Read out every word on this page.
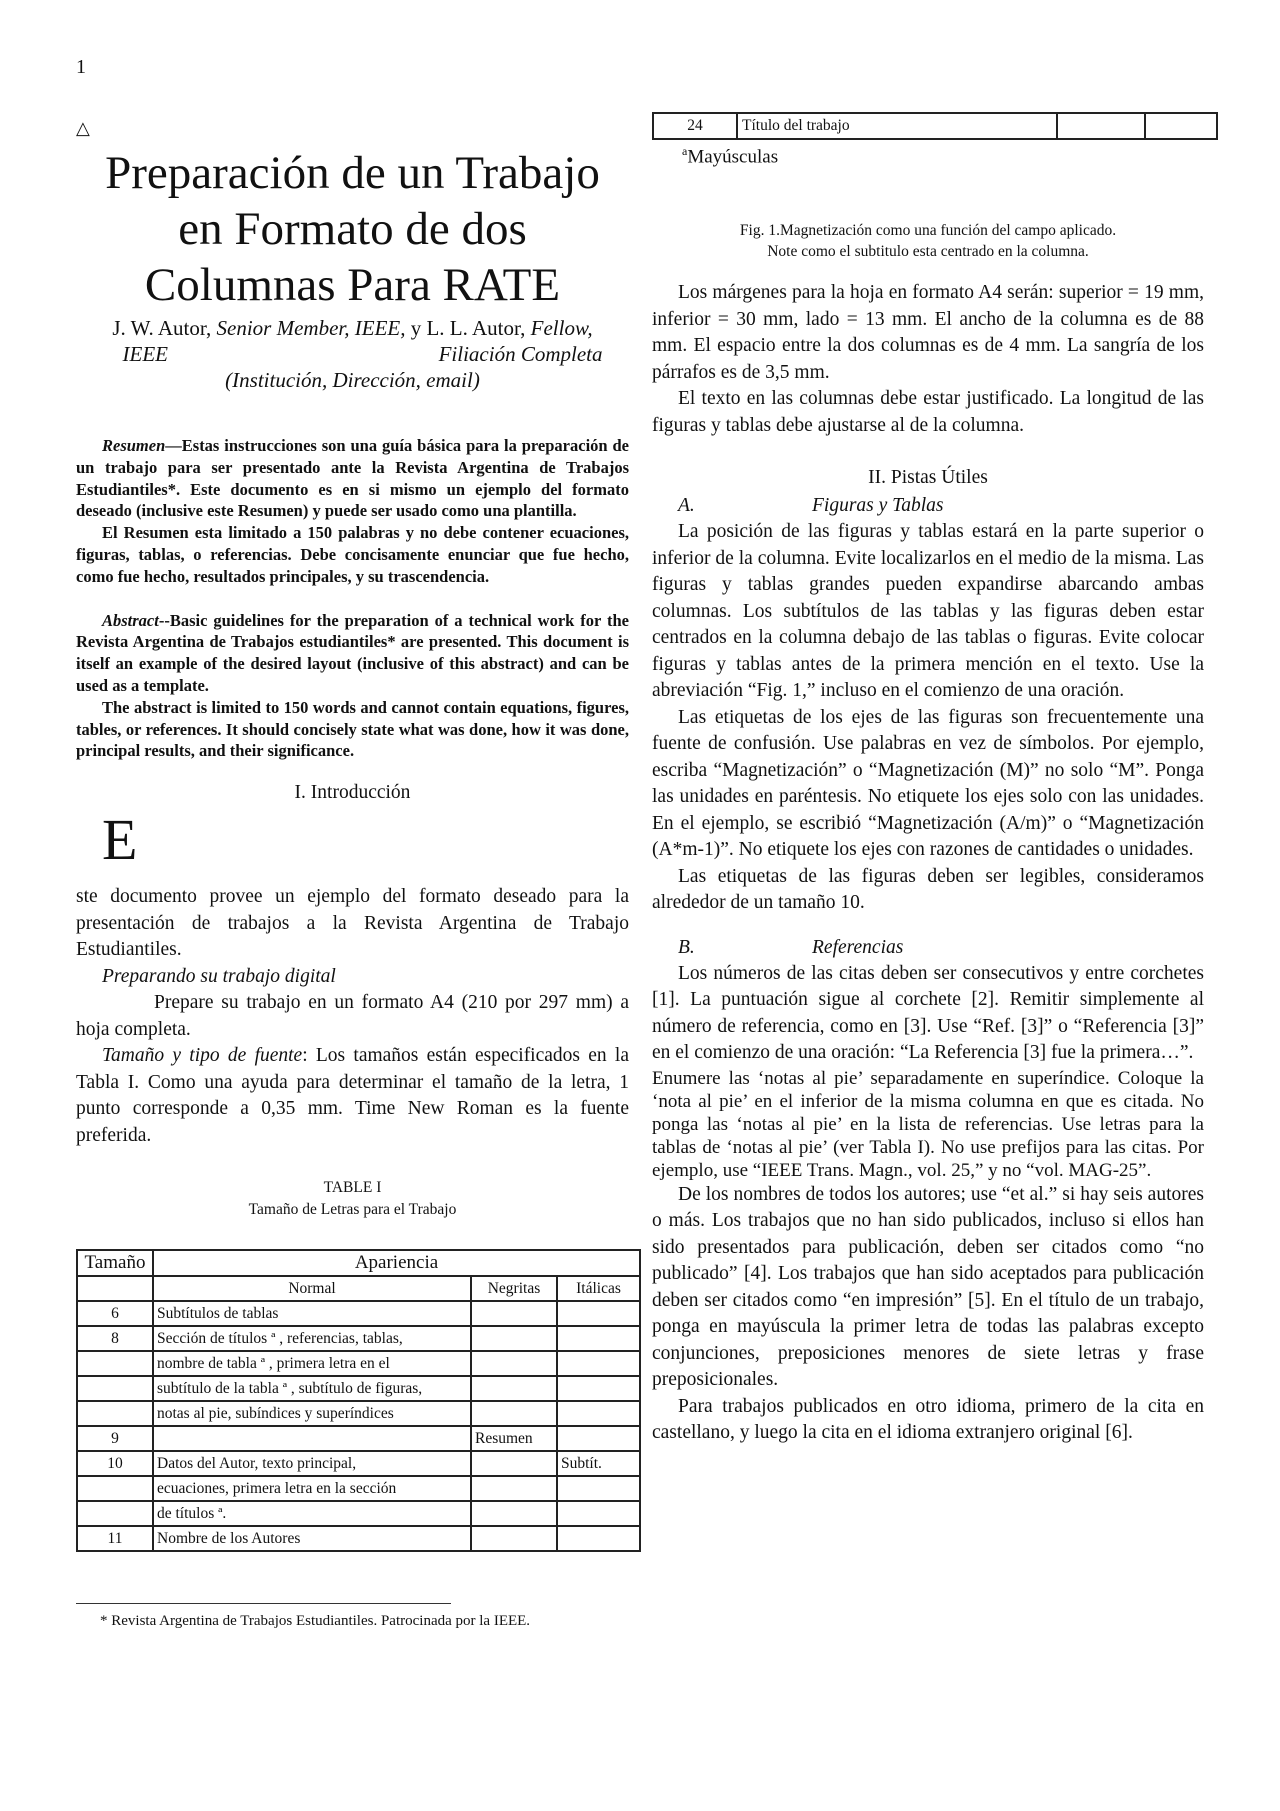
1
△
Preparación de un Trabajo
en Formato de dos
Columnas Para RATE
J. W. Autor, Senior Member, IEEE, y L. L. Autor, Fellow,
IEEE	Filiación Completa
(Institución, Dirección, email)

Resumen—Estas instrucciones son una guía básica para la preparación de un trabajo para ser presentado ante la Revista Argentina de Trabajos Estudiantiles*. Este documento es en si mismo un ejemplo del formato deseado (inclusive este Resumen) y puede ser usado como una plantilla.

El Resumen esta limitado a 150 palabras y no debe contener ecuaciones, figuras, tablas, o referencias. Debe concisamente enunciar que fue hecho, como fue hecho, resultados principales, y su trascendencia.

Abstract--Basic guidelines for the preparation of a technical work for the Revista Argentina de Trabajos estudiantiles* are presented. This document is itself an example of the desired layout (inclusive of this abstract) and can be used as a template.

The abstract is limited to 150 words and cannot contain equations, figures, tables, or references. It should concisely state what was done, how it was done, principal results, and their significance.

I. Introducción
E

ste documento provee un ejemplo del formato deseado para la presentación de trabajos a la Revista Argentina de Trabajo Estudiantiles.

Preparando su trabajo digital

Prepare su trabajo en un formato A4 (210 por 297 mm) a hoja completa.

Tamaño y tipo de fuente: Los tamaños están especificados en la Tabla I. Como una ayuda para determinar el tamaño de la letra, 1 punto corresponde a 0,35 mm. Time New Roman es la fuente preferida.

TABLE I
Tamaño de Letras para el Trabajo
Tamaño	Apariencia		
	Normal	Negritas	Itálicas
6	Subtítulos de tablas		
8	Sección de títulos ª , referencias, tablas,		
	nombre de tabla ª , primera letra en el		
	subtítulo de la tabla ª , subtítulo de figuras,		
	notas al pie, subíndices y superíndices		
9		Resumen	
10	Datos del Autor, texto principal,		Subtít.
	ecuaciones, primera letra en la sección		
	de títulos ª.		
11	Nombre de los Autores		
* Revista Argentina de Trabajos Estudiantiles. Patrocinada por la IEEE.
24	Título del trabajo		
$^a$Mayúsculas
Fig. 1.Magnetización como una función del campo aplicado.
Note como el subtitulo esta centrado en la columna.

Los márgenes para la hoja en formato A4 serán: superior = 19 mm, inferior = 30 mm, lado = 13 mm. El ancho de la columna es de 88 mm. El espacio entre la dos columnas es de 4 mm. La sangría de los párrafos es de 3,5 mm.

El texto en las columnas debe estar justificado. La longitud de las figuras y tablas debe ajustarse al de la columna.

II. Pistas Útiles
A.	Figuras y Tablas

La posición de las figuras y tablas estará en la parte superior o inferior de la columna. Evite localizarlos en el medio de la misma. Las figuras y tablas grandes pueden expandirse abarcando ambas columnas. Los subtítulos de las tablas y las figuras deben estar centrados en la columna debajo de las tablas o figuras. Evite colocar figuras y tablas antes de la primera mención en el texto. Use la abreviación “Fig. 1,” incluso en el comienzo de una oración.

Las etiquetas de los ejes de las figuras son frecuentemente una fuente de confusión. Use palabras en vez de símbolos. Por ejemplo, escriba “Magnetización” o “Magnetización (M)” no solo “M”. Ponga las unidades en paréntesis. No etiquete los ejes solo con las unidades. En el ejemplo, se escribió “Magnetización (A/m)” o “Magnetización (A*m-1)”. No etiquete los ejes con razones de cantidades o unidades.

Las etiquetas de las figuras deben ser legibles, consideramos alrededor de un tamaño 10.

B.	Referencias

Los números de las citas deben ser consecutivos y entre corchetes [1]. La puntuación sigue al corchete [2]. Remitir simplemente al número de referencia, como en [3]. Use “Ref. [3]” o “Referencia [3]” en el comienzo de una oración: “La Referencia [3] fue la primera…”.

Enumere las ‘notas al pie’ separadamente en superíndice. Coloque la ‘nota al pie’ en el inferior de la misma columna en que es citada. No ponga las ‘notas al pie’ en la lista de referencias. Use letras para la tablas de ‘notas al pie’ (ver Tabla I). No use prefijos para las citas. Por ejemplo, use “IEEE Trans. Magn., vol. 25,” y no “vol. MAG-25”.

De los nombres de todos los autores; use “et al.” si hay seis autores o más. Los trabajos que no han sido publicados, incluso si ellos han sido presentados para publicación, deben ser citados como “no publicado” [4]. Los trabajos que han sido aceptados para publicación deben ser citados como “en impresión” [5]. En el título de un trabajo, ponga en mayúscula la primer letra de todas las palabras excepto conjunciones, preposiciones menores de siete letras y frase preposicionales.

Para trabajos publicados en otro idioma, primero de la cita en castellano, y luego la cita en el idioma extranjero original [6].
